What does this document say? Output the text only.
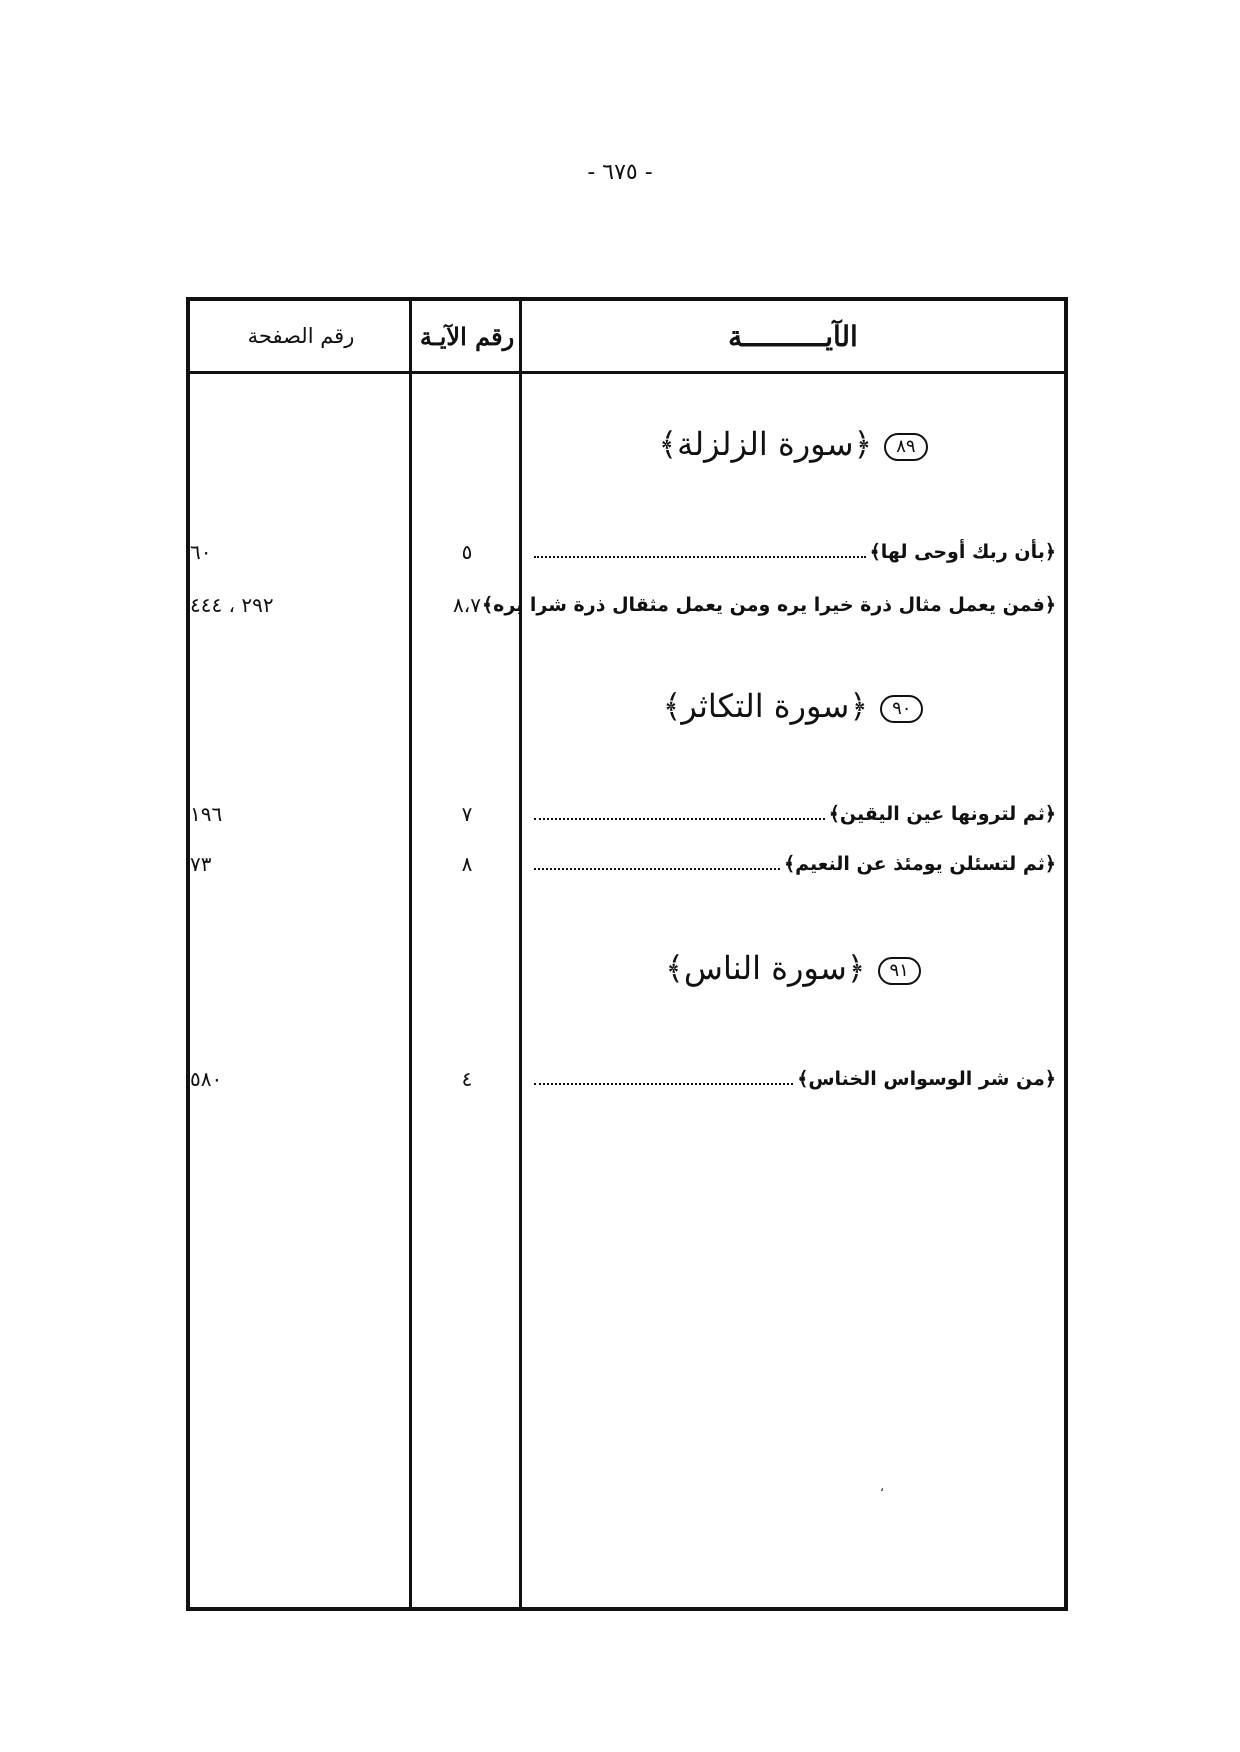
- ٦٧٥ -
الآيــــــــــة
رقم الآيـة
رقم الصفحة
٨٩﴿سورة الزلزلة﴾
﴿بأن ربك أوحى لها﴾
٥
٦٠
﴿فمن يعمل مثال ذرة خيرا يره ومن يعمل مثقال ذرة شرا يره﴾
٨،٧
٢٩٢ ، ٤٤٤
٩٠﴿سورة التكاثر﴾
﴿ثم لترونها عين اليقين﴾
٧
١٩٦
﴿ثم لتسئلن يومئذ عن النعيم﴾
٨
٧٣
٩١﴿سورة الناس﴾
﴿من شر الوسواس الخناس﴾
٤
٥٨٠
،
